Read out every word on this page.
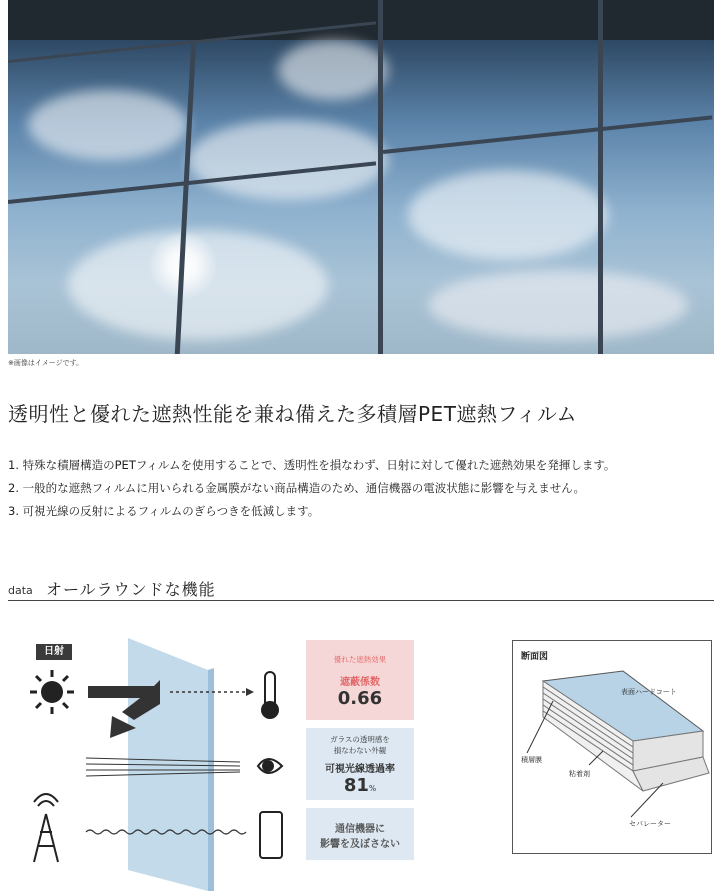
※画像はイメージです。
透明性と優れた遮熱性能を兼ね備えた多積層PET遮熱フィルム
1. 特殊な積層構造のPETフィルムを使用することで、透明性を損なわず、日射に対して優れた遮熱効果を発揮します。
2. 一般的な遮熱フィルムに用いられる金属膜がない商品構造のため、通信機器の電波状態に影響を与えません。
3. 可視光線の反射によるフィルムのぎらつきを低減します。
data オールラウンドな機能
日射
優れた遮熱効果
遮蔽係数
0.66
ガラスの透明感を
損なわない外観
可視光線透過率
81%
通信機器に
影響を及ぼさない
断面図
表面ハードコート
積層膜
粘着剤
セパレーター
